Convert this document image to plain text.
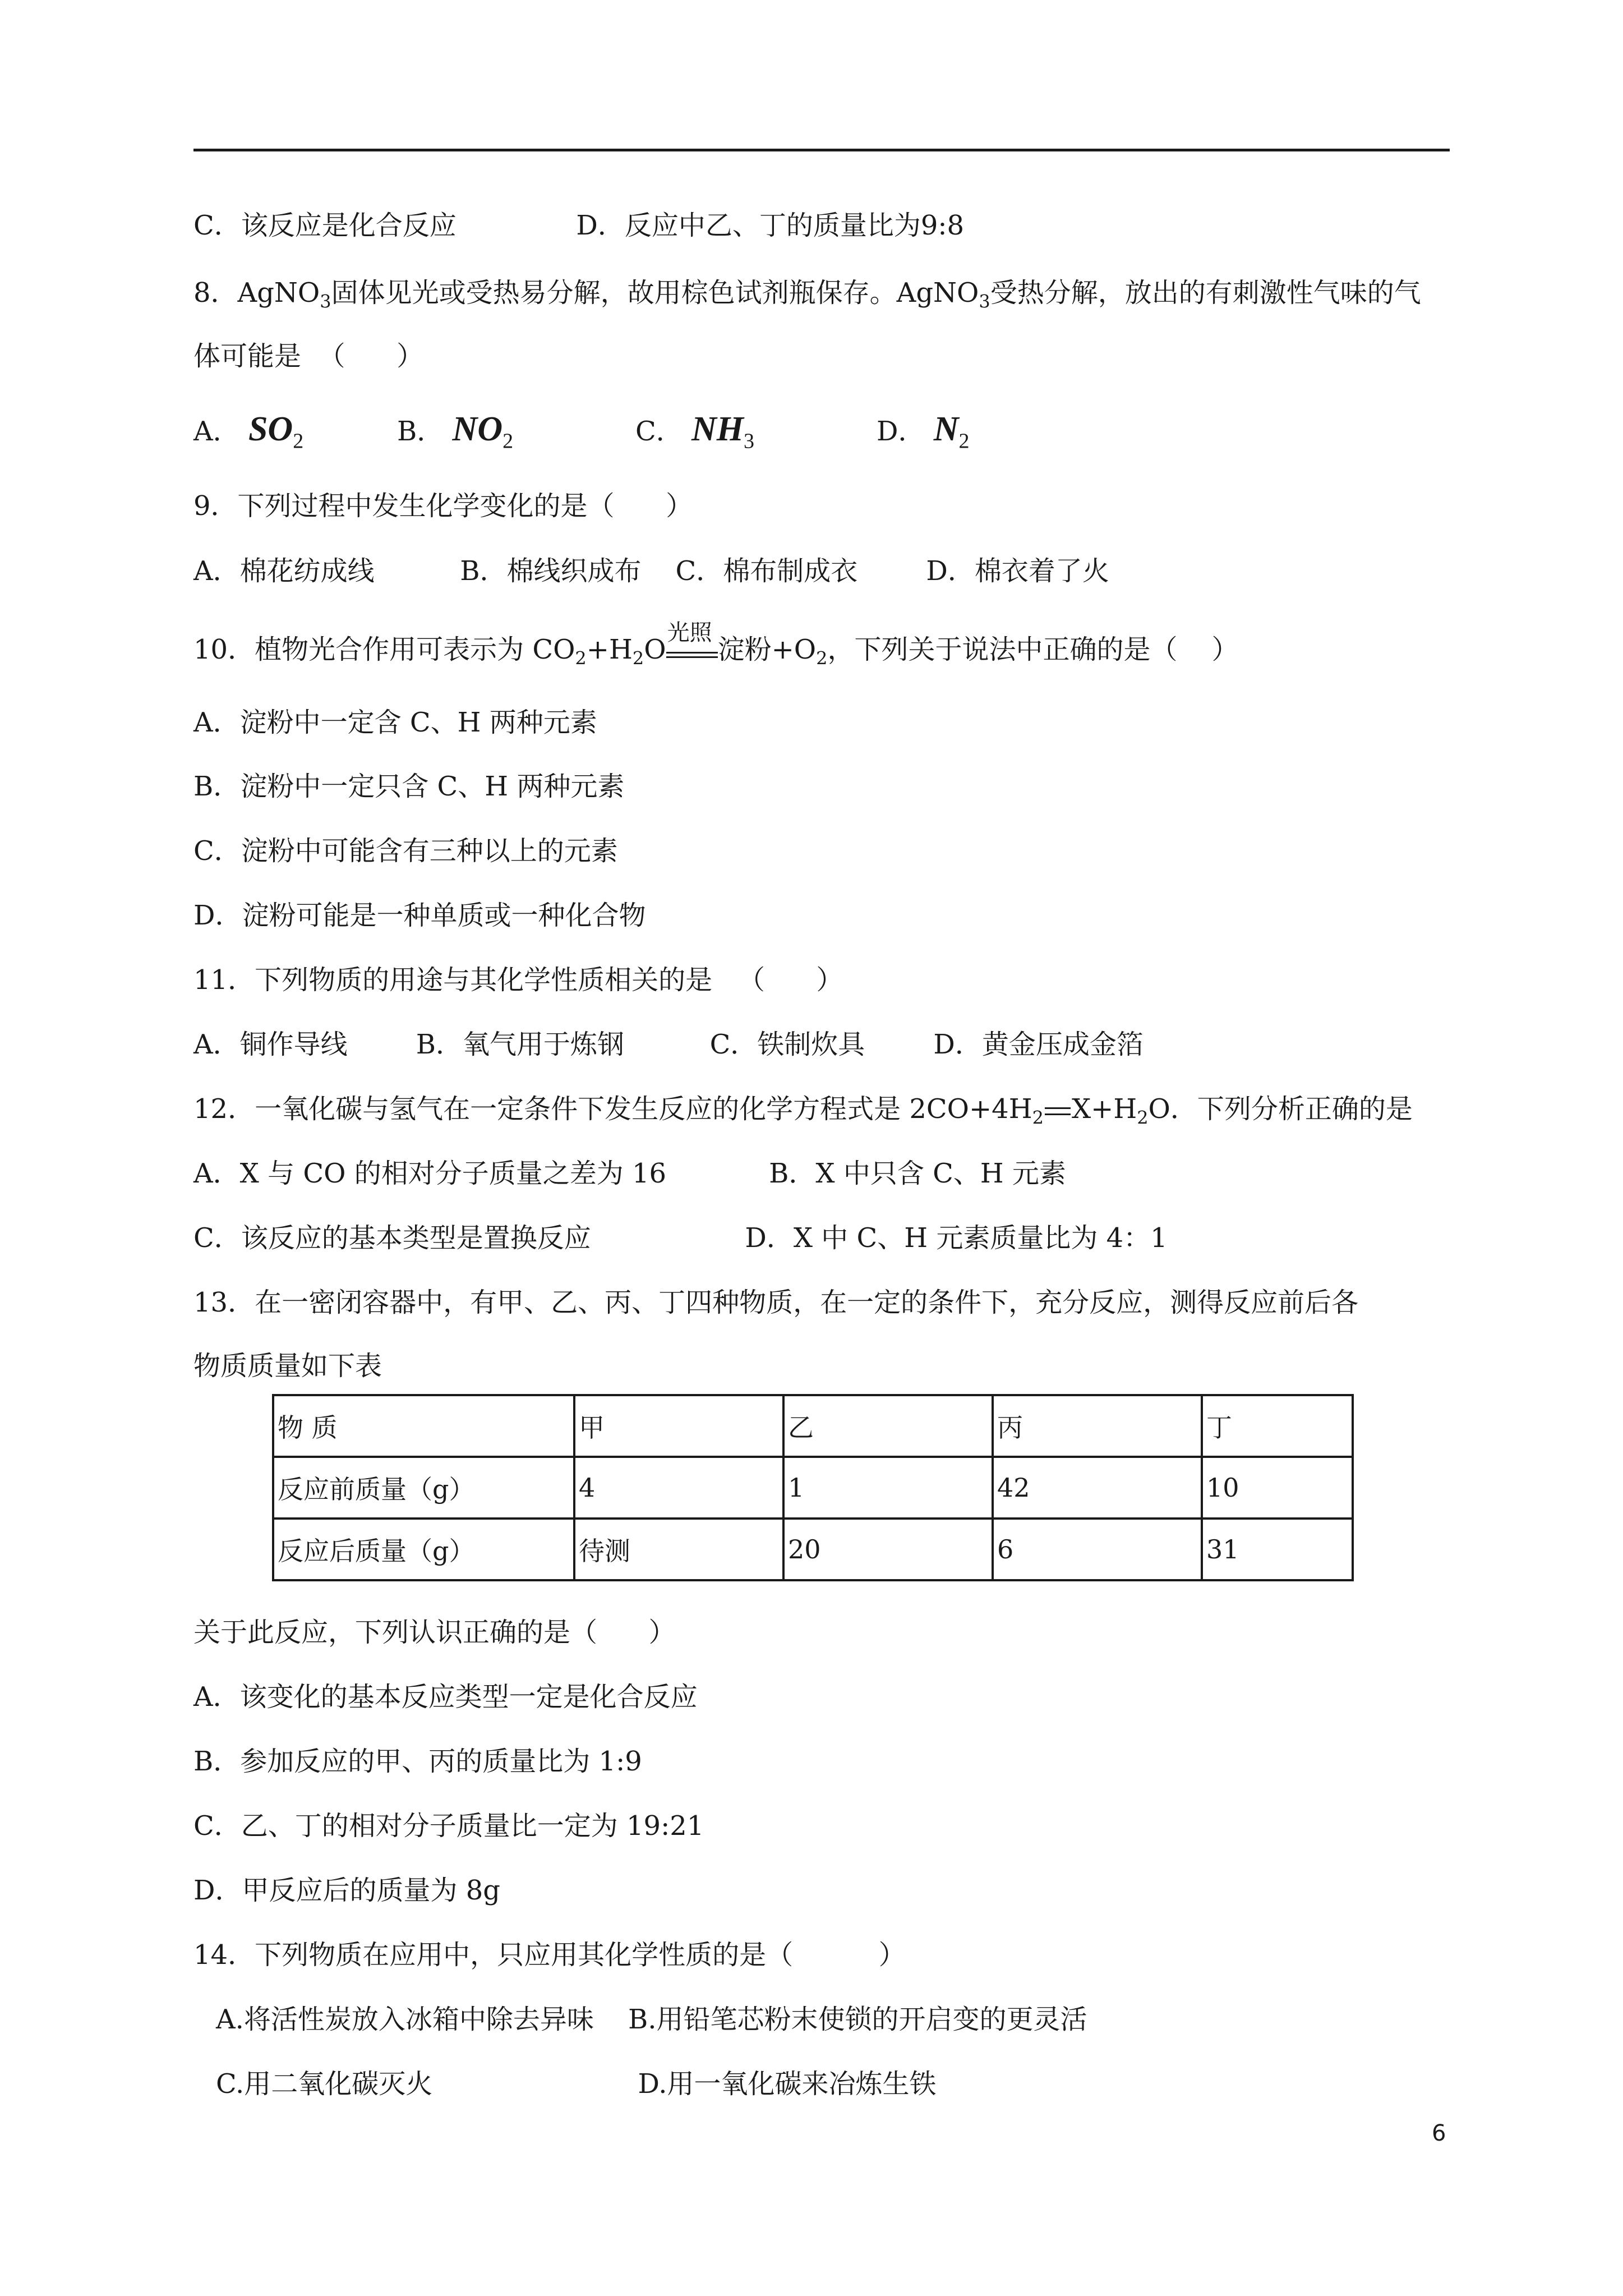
C．该反应是化合反应              D．反应中乙、丁的质量比为9:8
8．AgNO$_3$固体见光或受热易分解，故用棕色试剂瓶保存。AgNO$_3$受热分解，放出的有刺激性气味的气
体可能是  （      ）
A． $SO_2$	B． $NO_2$	C． $NH_3$	D． $N_2$
9．下列过程中发生化学变化的是（      ）
A．棉花纺成线          B．棉线织成布    C．棉布制成衣        D．棉衣着了火
10．植物光合作用可表示为 $CO_2+H_2O$
光照
淀粉$+O_2$，下列关于说法中正确的是（    ）
A．淀粉中一定含 C、H 两种元素
B．淀粉中一定只含 C、H 两种元素
C．淀粉中可能含有三种以上的元素
D．淀粉可能是一种单质或一种化合物
11．下列物质的用途与其化学性质相关的是   （      ）
A．铜作导线        B．氧气用于炼钢          C．铁制炊具        D．黄金压成金箔
12．一氧化碳与氢气在一定条件下发生反应的化学方程式是 $2CO+4H_2$ $X+H_2O$．下列分析正确的是
A．X 与 CO 的相对分子质量之差为 16            B．X 中只含 C、H 元素
C．该反应的基本类型是置换反应                  D．X 中 C、H 元素质量比为 4：1
13．在一密闭容器中，有甲、乙、丙、丁四种物质，在一定的条件下，充分反应，测得反应前后各
物质质量如下表
物 质	甲	乙	丙	丁
反应前质量（g）	4	1	42	10
反应后质量（g）	待测	20	6	31
关于此反应，下列认识正确的是（      ）
A．该变化的基本反应类型一定是化合反应
B．参加反应的甲、丙的质量比为 1:9
C．乙、丁的相对分子质量比一定为 19:21
D．甲反应后的质量为 8g
14．下列物质在应用中，只应用其化学性质的是（          ）
A.将活性炭放入冰箱中除去异味    B.用铅笔芯粉末使锁的开启变的更灵活
C.用二氧化碳灭火                        D.用一氧化碳来冶炼生铁
6
